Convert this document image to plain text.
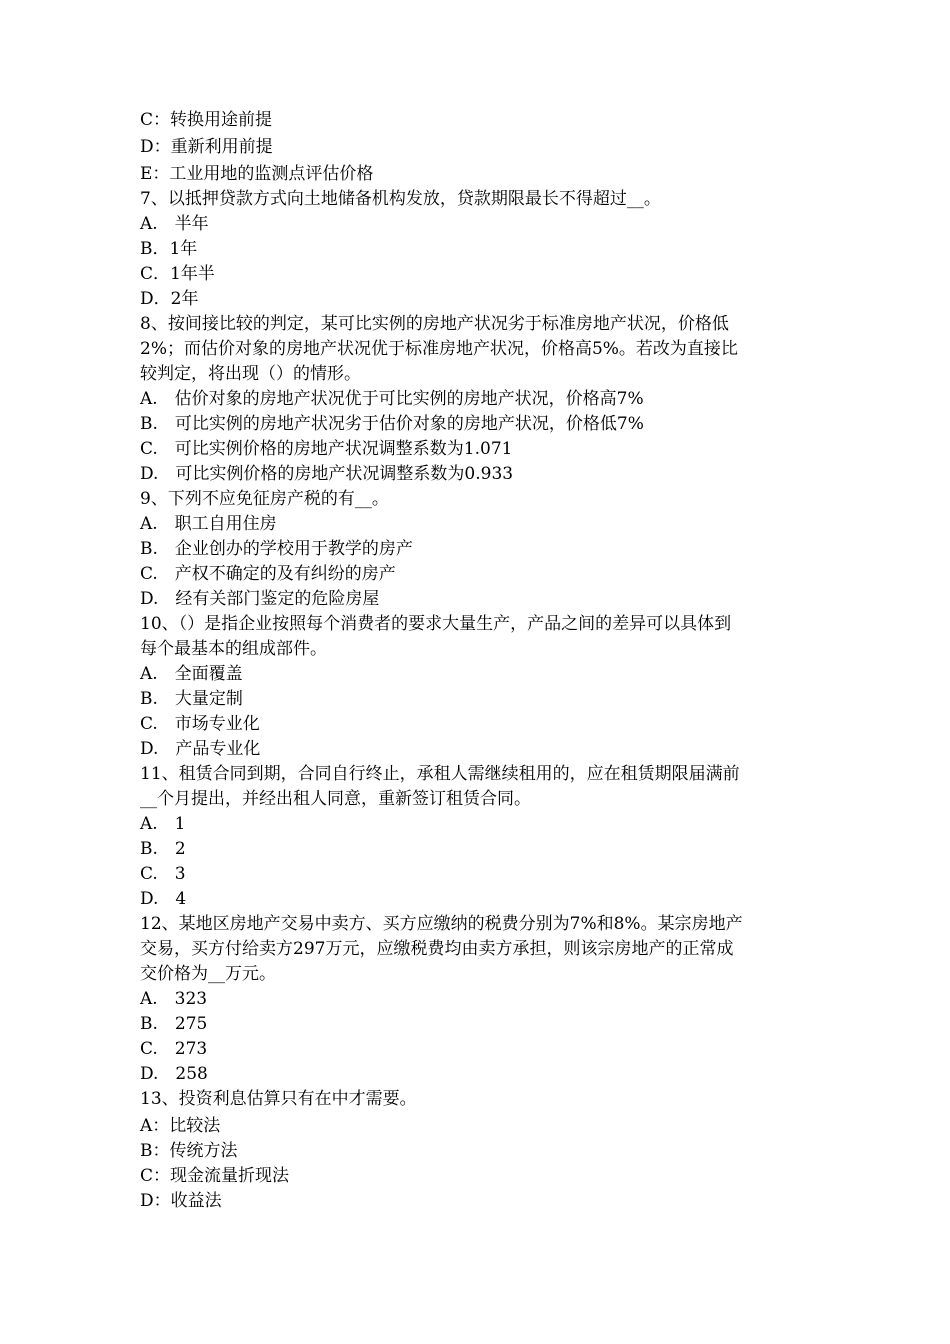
C：转换用途前提
D：重新利用前提
E：工业用地的监测点评估价格
7、以抵押贷款方式向土地储备机构发放，贷款期限最长不得超过__。
A.　半年
B．1年
C．1年半
D．2年
8、按间接比较的判定，某可比实例的房地产状况劣于标准房地产状况，价格低
2%；而估价对象的房地产状况优于标准房地产状况，价格高5%。若改为直接比
较判定，将出现（）的情形。
A.　估价对象的房地产状况优于可比实例的房地产状况，价格高7%
B.　可比实例的房地产状况劣于估价对象的房地产状况，价格低7%
C.　可比实例价格的房地产状况调整系数为1.071
D.　可比实例价格的房地产状况调整系数为0.933
9、下列不应免征房产税的有__。
A.　职工自用住房
B.　企业创办的学校用于教学的房产
C.　产权不确定的及有纠纷的房产
D.　经有关部门鉴定的危险房屋
10、（）是指企业按照每个消费者的要求大量生产，产品之间的差异可以具体到
每个最基本的组成部件。
A.　全面覆盖
B.　大量定制
C.　市场专业化
D.　产品专业化
11、租赁合同到期，合同自行终止，承租人需继续租用的，应在租赁期限届满前
__个月提出，并经出租人同意，重新签订租赁合同。
A.　1
B.　2
C.　3
D.　4
12、某地区房地产交易中卖方、买方应缴纳的税费分别为7%和8%。某宗房地产
交易，买方付给卖方297万元，应缴税费均由卖方承担，则该宗房地产的正常成
交价格为__万元。
A.　323
B.　275
C.　273
D.　258
13、投资利息估算只有在中才需要。
A：比较法
B：传统方法
C：现金流量折现法
D：收益法
